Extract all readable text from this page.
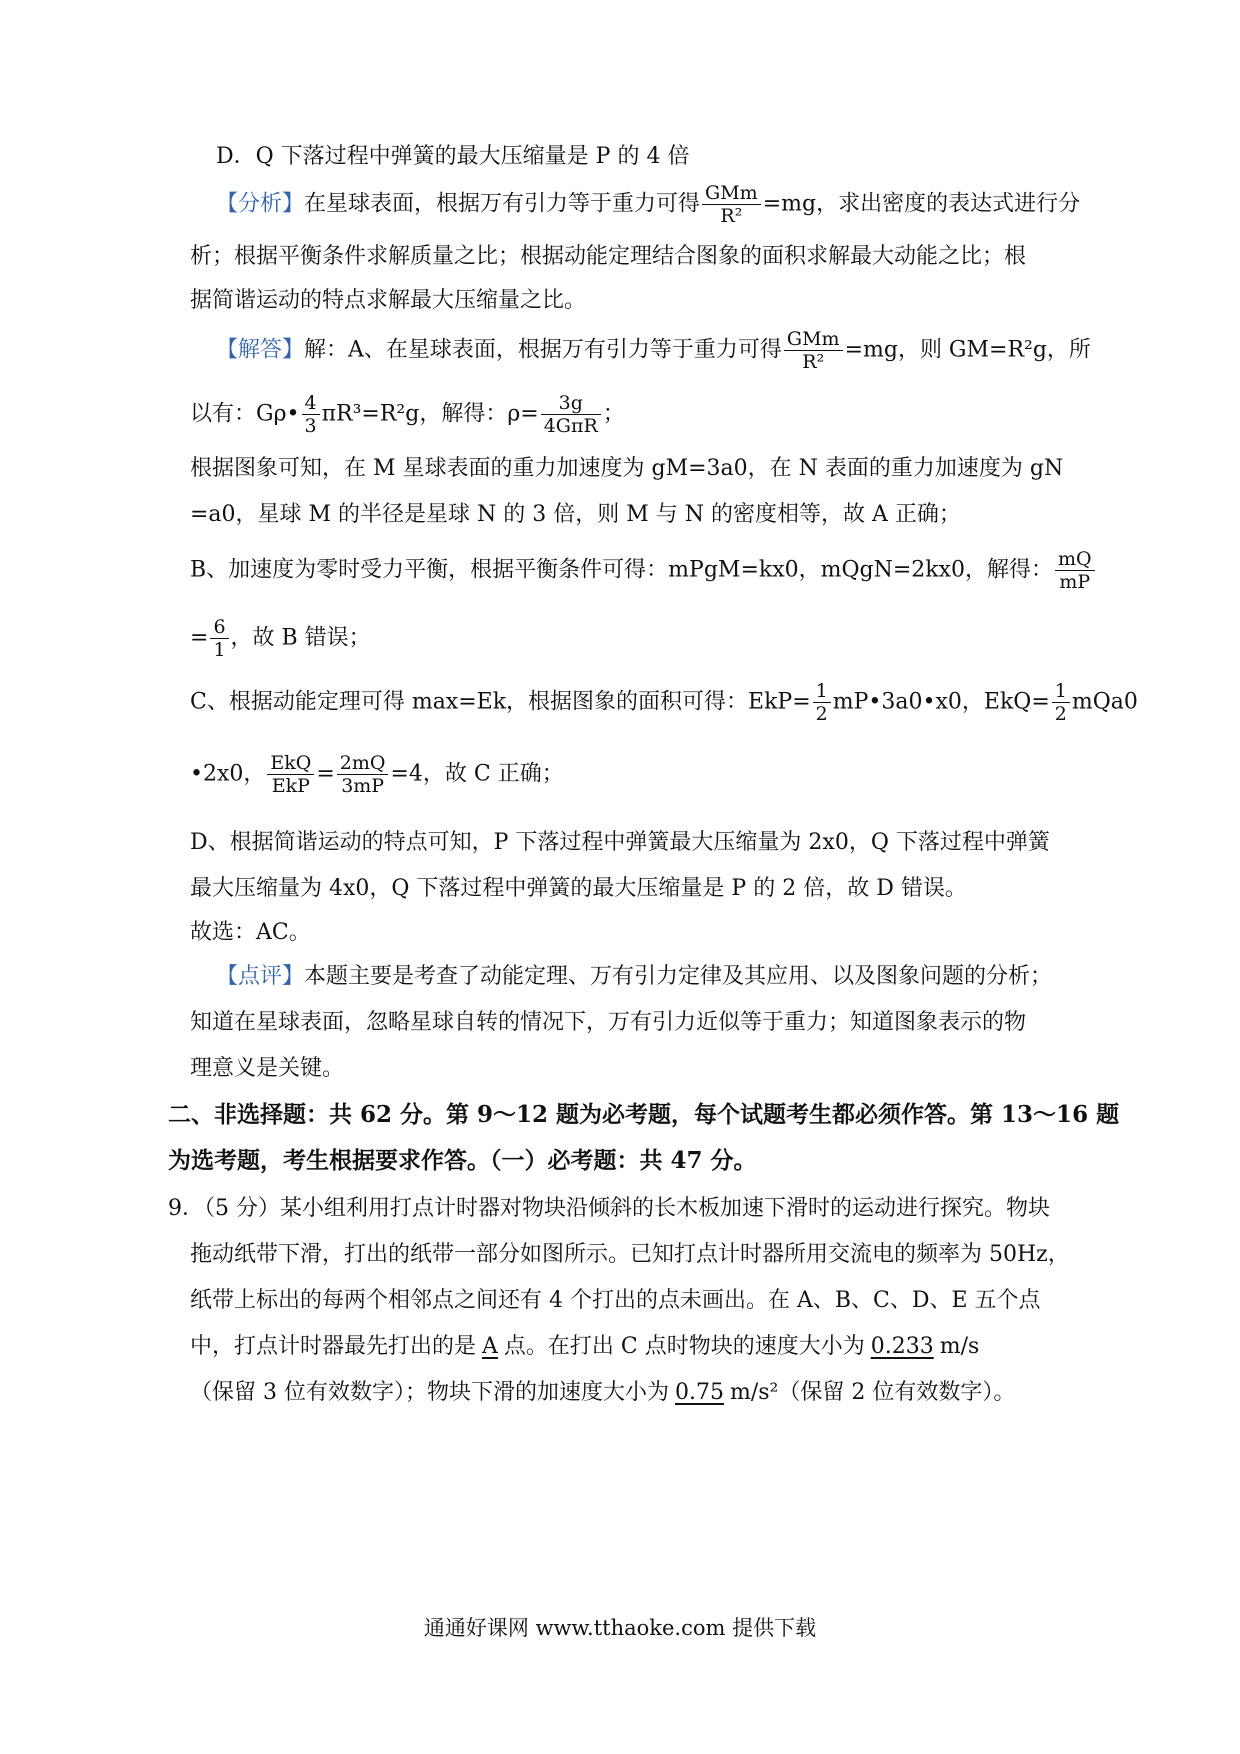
D．Q 下落过程中弹簧的最大压缩量是 P 的 4 倍
【分析】在星球表面，根据万有引力等于重力可得 $\frac{\text{GMm}}{\text{R²}} =mg$，求出密度的表达式进行分
析；根据平衡条件求解质量之比；根据动能定理结合图象的面积求解最大动能之比；根
据简谐运动的特点求解最大压缩量之比。
【解答】解：A、在星球表面，根据万有引力等于重力可得 $\frac{\text{GMm}}{\text{R²}} =mg$，则 GM=R²g，所
以有：Gρ• $\frac{4}{3} \pi R^3=R^2g$，解得：$\rho= \frac{3g}{\text{4GπR}}$ ；
根据图象可知，在 M 星球表面的重力加速度为 gM=3a0，在 N 表面的重力加速度为 gN
=a0，星球 M 的半径是星球 N 的 3 倍，则 M 与 N 的密度相等，故 A 正确；
B、加速度为零时受力平衡，根据平衡条件可得：mPgM=kx0，mQgN=2kx0，解得： $\frac{mQ}{mP}$
= $\frac{6}{1}$ ，故 B 错误；
C、根据动能定理可得 max=Ek，根据图象的面积可得：$EkP= \frac{1}{2}$ mP•3a0•x0，$EkQ= \frac{1}{2} mQa0$
•2x0， $\frac{\text{EkQ}}{\text{EkP}} = \frac{2mQ}{3mP} =4$，故 C 正确；
D、根据简谐运动的特点可知，P 下落过程中弹簧最大压缩量为 2x0，Q 下落过程中弹簧
最大压缩量为 4x0，Q 下落过程中弹簧的最大压缩量是 P 的 2 倍，故 D 错误。
故选：AC。
【点评】本题主要是考查了动能定理、万有引力定律及其应用、以及图象问题的分析；
知道在星球表面，忽略星球自转的情况下，万有引力近似等于重力；知道图象表示的物
理意义是关键。
二、非选择题：共 62 分。第 9～12 题为必考题，每个试题考生都必须作答。第 13～16 题
为选考题，考生根据要求作答。（一）必考题：共 47 分。
9．（5 分）某小组利用打点计时器对物块沿倾斜的长木板加速下滑时的运动进行探究。物块
拖动纸带下滑，打出的纸带一部分如图所示。已知打点计时器所用交流电的频率为 50Hz，
纸带上标出的每两个相邻点之间还有 4 个打出的点未画出。在 A、B、C、D、E 五个点
中，打点计时器最先打出的是 A 点。在打出 C 点时物块的速度大小为 0.233 m/s
（保留 3 位有效数字）；物块下滑的加速度大小为 0.75 m/s²（保留 2 位有效数字）。
通通好课网 www.tthaoke.com 提供下载
